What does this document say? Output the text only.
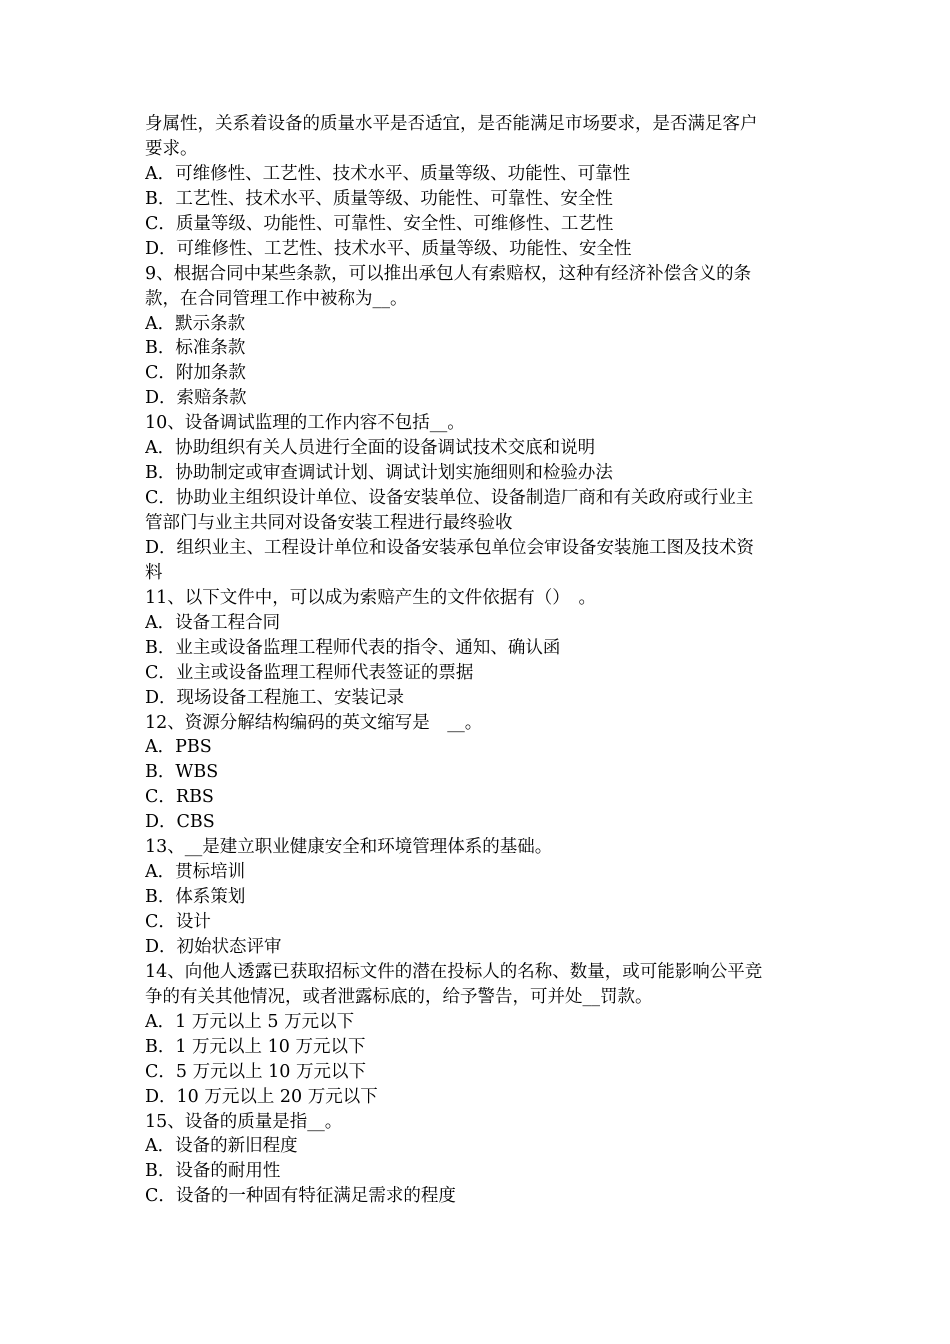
身属性，关系着设备的质量水平是否适宜，是否能满足市场要求，是否满足客户
要求。
A．可维修性、工艺性、技术水平、质量等级、功能性、可靠性
B．工艺性、技术水平、质量等级、功能性、可靠性、安全性
C．质量等级、功能性、可靠性、安全性、可维修性、工艺性
D．可维修性、工艺性、技术水平、质量等级、功能性、安全性
9、根据合同中某些条款，可以推出承包人有索赔权，这种有经济补偿含义的条
款，在合同管理工作中被称为__。
A．默示条款
B．标准条款
C．附加条款
D．索赔条款
10、设备调试监理的工作内容不包括__。
A．协助组织有关人员进行全面的设备调试技术交底和说明
B．协助制定或审查调试计划、调试计划实施细则和检验办法
C．协助业主组织设计单位、设备安装单位、设备制造厂商和有关政府或行业主
管部门与业主共同对设备安装工程进行最终验收
D．组织业主、工程设计单位和设备安装承包单位会审设备安装施工图及技术资
料
11、以下文件中，可以成为索赔产生的文件依据有（）　。
A．设备工程合同
B．业主或设备监理工程师代表的指令、通知、确认函
C．业主或设备监理工程师代表签证的票据
D．现场设备工程施工、安装记录
12、资源分解结构编码的英文缩写是　__。
A．PBS
B．WBS
C．RBS
D．CBS
13、__是建立职业健康安全和环境管理体系的基础。
A．贯标培训
B．体系策划
C．设计
D．初始状态评审
14、向他人透露已获取招标文件的潜在投标人的名称、数量，或可能影响公平竞
争的有关其他情况，或者泄露标底的，给予警告，可并处__罚款。
A．1 万元以上 5 万元以下
B．1 万元以上 10 万元以下
C．5 万元以上 10 万元以下
D．10 万元以上 20 万元以下
15、设备的质量是指__。
A．设备的新旧程度
B．设备的耐用性
C．设备的一种固有特征满足需求的程度
